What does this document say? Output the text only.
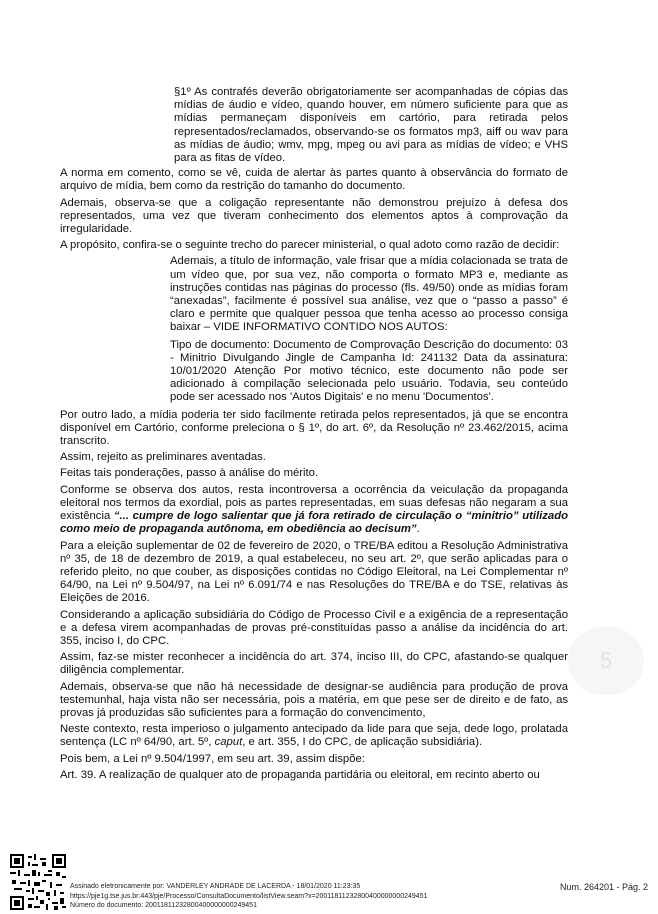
§1º As contrafés deverão obrigatoriamente ser acompanhadas de cópias das mídias de áudio e vídeo, quando houver, em número suficiente para que as mídias permaneçam disponíveis em cartório, para retirada pelos representados/reclamados, observando-se os formatos mp3, aiff ou wav para as mídias de áudio; wmv, mpg, mpeg ou avi para as mídias de vídeo; e VHS para as fitas de vídeo.

A norma em comento, como se vê, cuida de alertar às partes quanto à observância do formato de arquivo de mídia, bem como da restrição do tamanho do documento.

Ademais, observa-se que a coligação representante não demonstrou prejuízo à defesa dos representados, uma vez que tiveram conhecimento dos elementos aptos à comprovação da irregularidade.

A propósito, confira-se o seguinte trecho do parecer ministerial, o qual adoto como razão de decidir:

Ademais, a título de informação, vale frisar que a mídia colacionada se trata de um vídeo que, por sua vez, não comporta o formato MP3 e, mediante as instruções contidas nas páginas do processo (fls. 49/50) onde as mídias foram “anexadas”, facilmente é possível sua análise, vez que o “passo a passo” é claro e permite que qualquer pessoa que tenha acesso ao processo consiga baixar – VIDE INFORMATIVO CONTIDO NOS AUTOS:

Tipo de documento: Documento de Comprovação Descrição do documento: 03 - Minitrio Divulgando Jingle de Campanha Id: 241132 Data da assinatura: 10/01/2020 Atenção Por motivo técnico, este documento não pode ser adicionado à compilação selecionada pelo usuário. Todavia, seu conteúdo pode ser acessado nos 'Autos Digitais' e no menu 'Documentos'.

Por outro lado, a mídia poderia ter sido facilmente retirada pelos representados, já que se encontra disponível em Cartório, conforme preleciona o § 1º, do art. 6º, da Resolução nº 23.462/2015, acima transcrito.

Assim, rejeito as preliminares aventadas.

Feitas tais ponderações, passo à análise do mérito.

Conforme se observa dos autos, resta incontroversa a ocorrência da veiculação da propaganda eleitoral nos termos da exordial, pois as partes representadas, em suas defesas não negaram a sua existência “... cumpre de logo salientar que já fora retirado de circulação o “minitrio” utilizado como meio de propaganda autônoma, em obediência ao decisum”.

Para a eleição suplementar de 02 de fevereiro de 2020, o TRE/BA editou a Resolução Administrativa nº 35, de 18 de dezembro de 2019, a qual estabeleceu, no seu art. 2º, que serão aplicadas para o referido pleito, no que couber, as disposições contidas no Código Eleitoral, na Lei Complementar nº 64/90, na Lei nº 9.504/97, na Lei nº 6.091/74 e nas Resoluções do TRE/BA e do TSE, relativas às Eleições de 2016.

Considerando a aplicação subsidiária do Código de Processo Civil e a exigência de a representação e a defesa virem acompanhadas de provas pré-constituídas passo a análise da incidência do art. 355, inciso I, do CPC.

Assim, faz-se mister reconhecer a incidência do art. 374, inciso III, do CPC, afastando-se qualquer diligência complementar.

Ademais, observa-se que não há necessidade de designar-se audiência para produção de prova testemunhal, haja vista não ser necessária, pois a matéria, em que pese ser de direito e de fato, as provas já produzidas são suficientes para a formação do convencimento,

Neste contexto, resta imperioso o julgamento antecipado da lide para que seja, dede logo, prolatada sentença (LC nº 64/90, art. 5º, caput, e art. 355, I do CPC, de aplicação subsidiária).

Pois bem, a Lei nº 9.504/1997, em seu art. 39, assim dispõe:

Art. 39. A realização de qualquer ato de propaganda partidária ou eleitoral, em recinto aberto ou

5
Assinado eletronicamente por: VANDERLEY ANDRADE DE LACERDA - 18/01/2020 11:23:35
https://pje1g.tse.jus.br:443/pje/Processo/ConsultaDocumento/listView.seam?x=20011811232800400000000249451
Número do documento: 20011811232800400000000249451
Num. 264201 - Pág. 2
